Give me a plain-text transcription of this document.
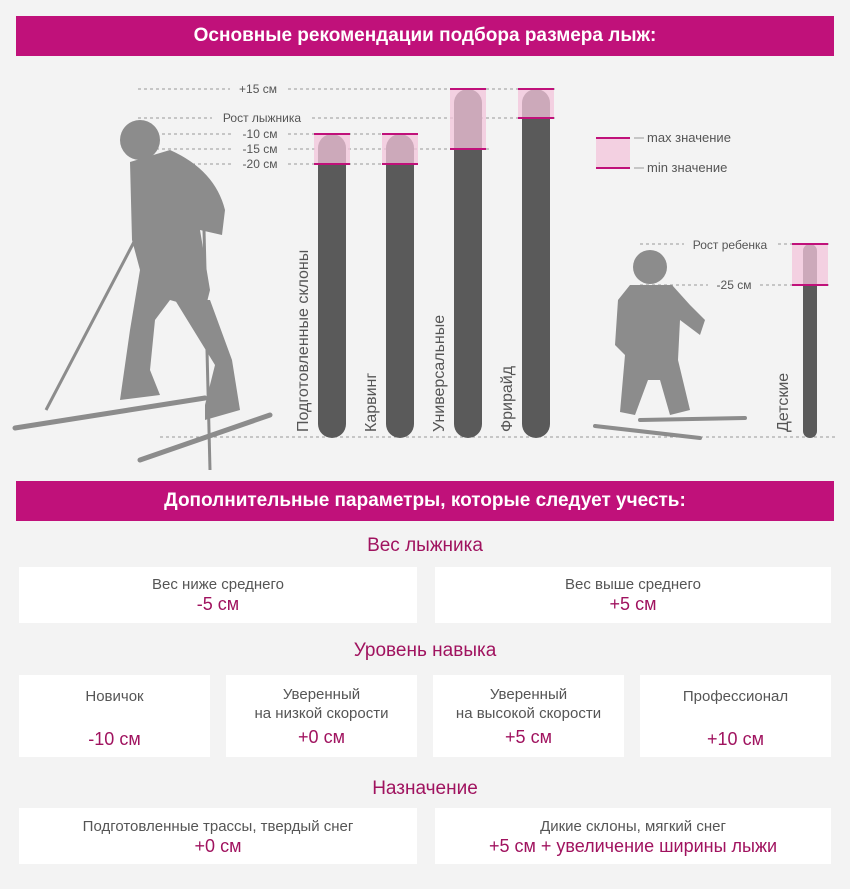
Основные рекомендации подбора размера лыж:
+15 см
Рост лыжника
-10 см
-15 см
-20 см
Рост ребенка
-25 см
Подготовленные склоны	Карвинг	Универсальные	Фрирайд	Детские
max значение
min значение
Дополнительные параметры, которые следует учесть:
Вес лыжника
Вес ниже среднего
-5 см
Вес выше среднего
+5 см
Уровень навыка
Новичок

-10 см
Уверенный
на низкой скорости
+0 см
Уверенный
на высокой скорости
+5 см
Профессионал

+10 см
Назначение
Подготовленные трассы, твердый снег
+0 см
Дикие склоны, мягкий снег
+5 см + увеличение ширины лыжи
